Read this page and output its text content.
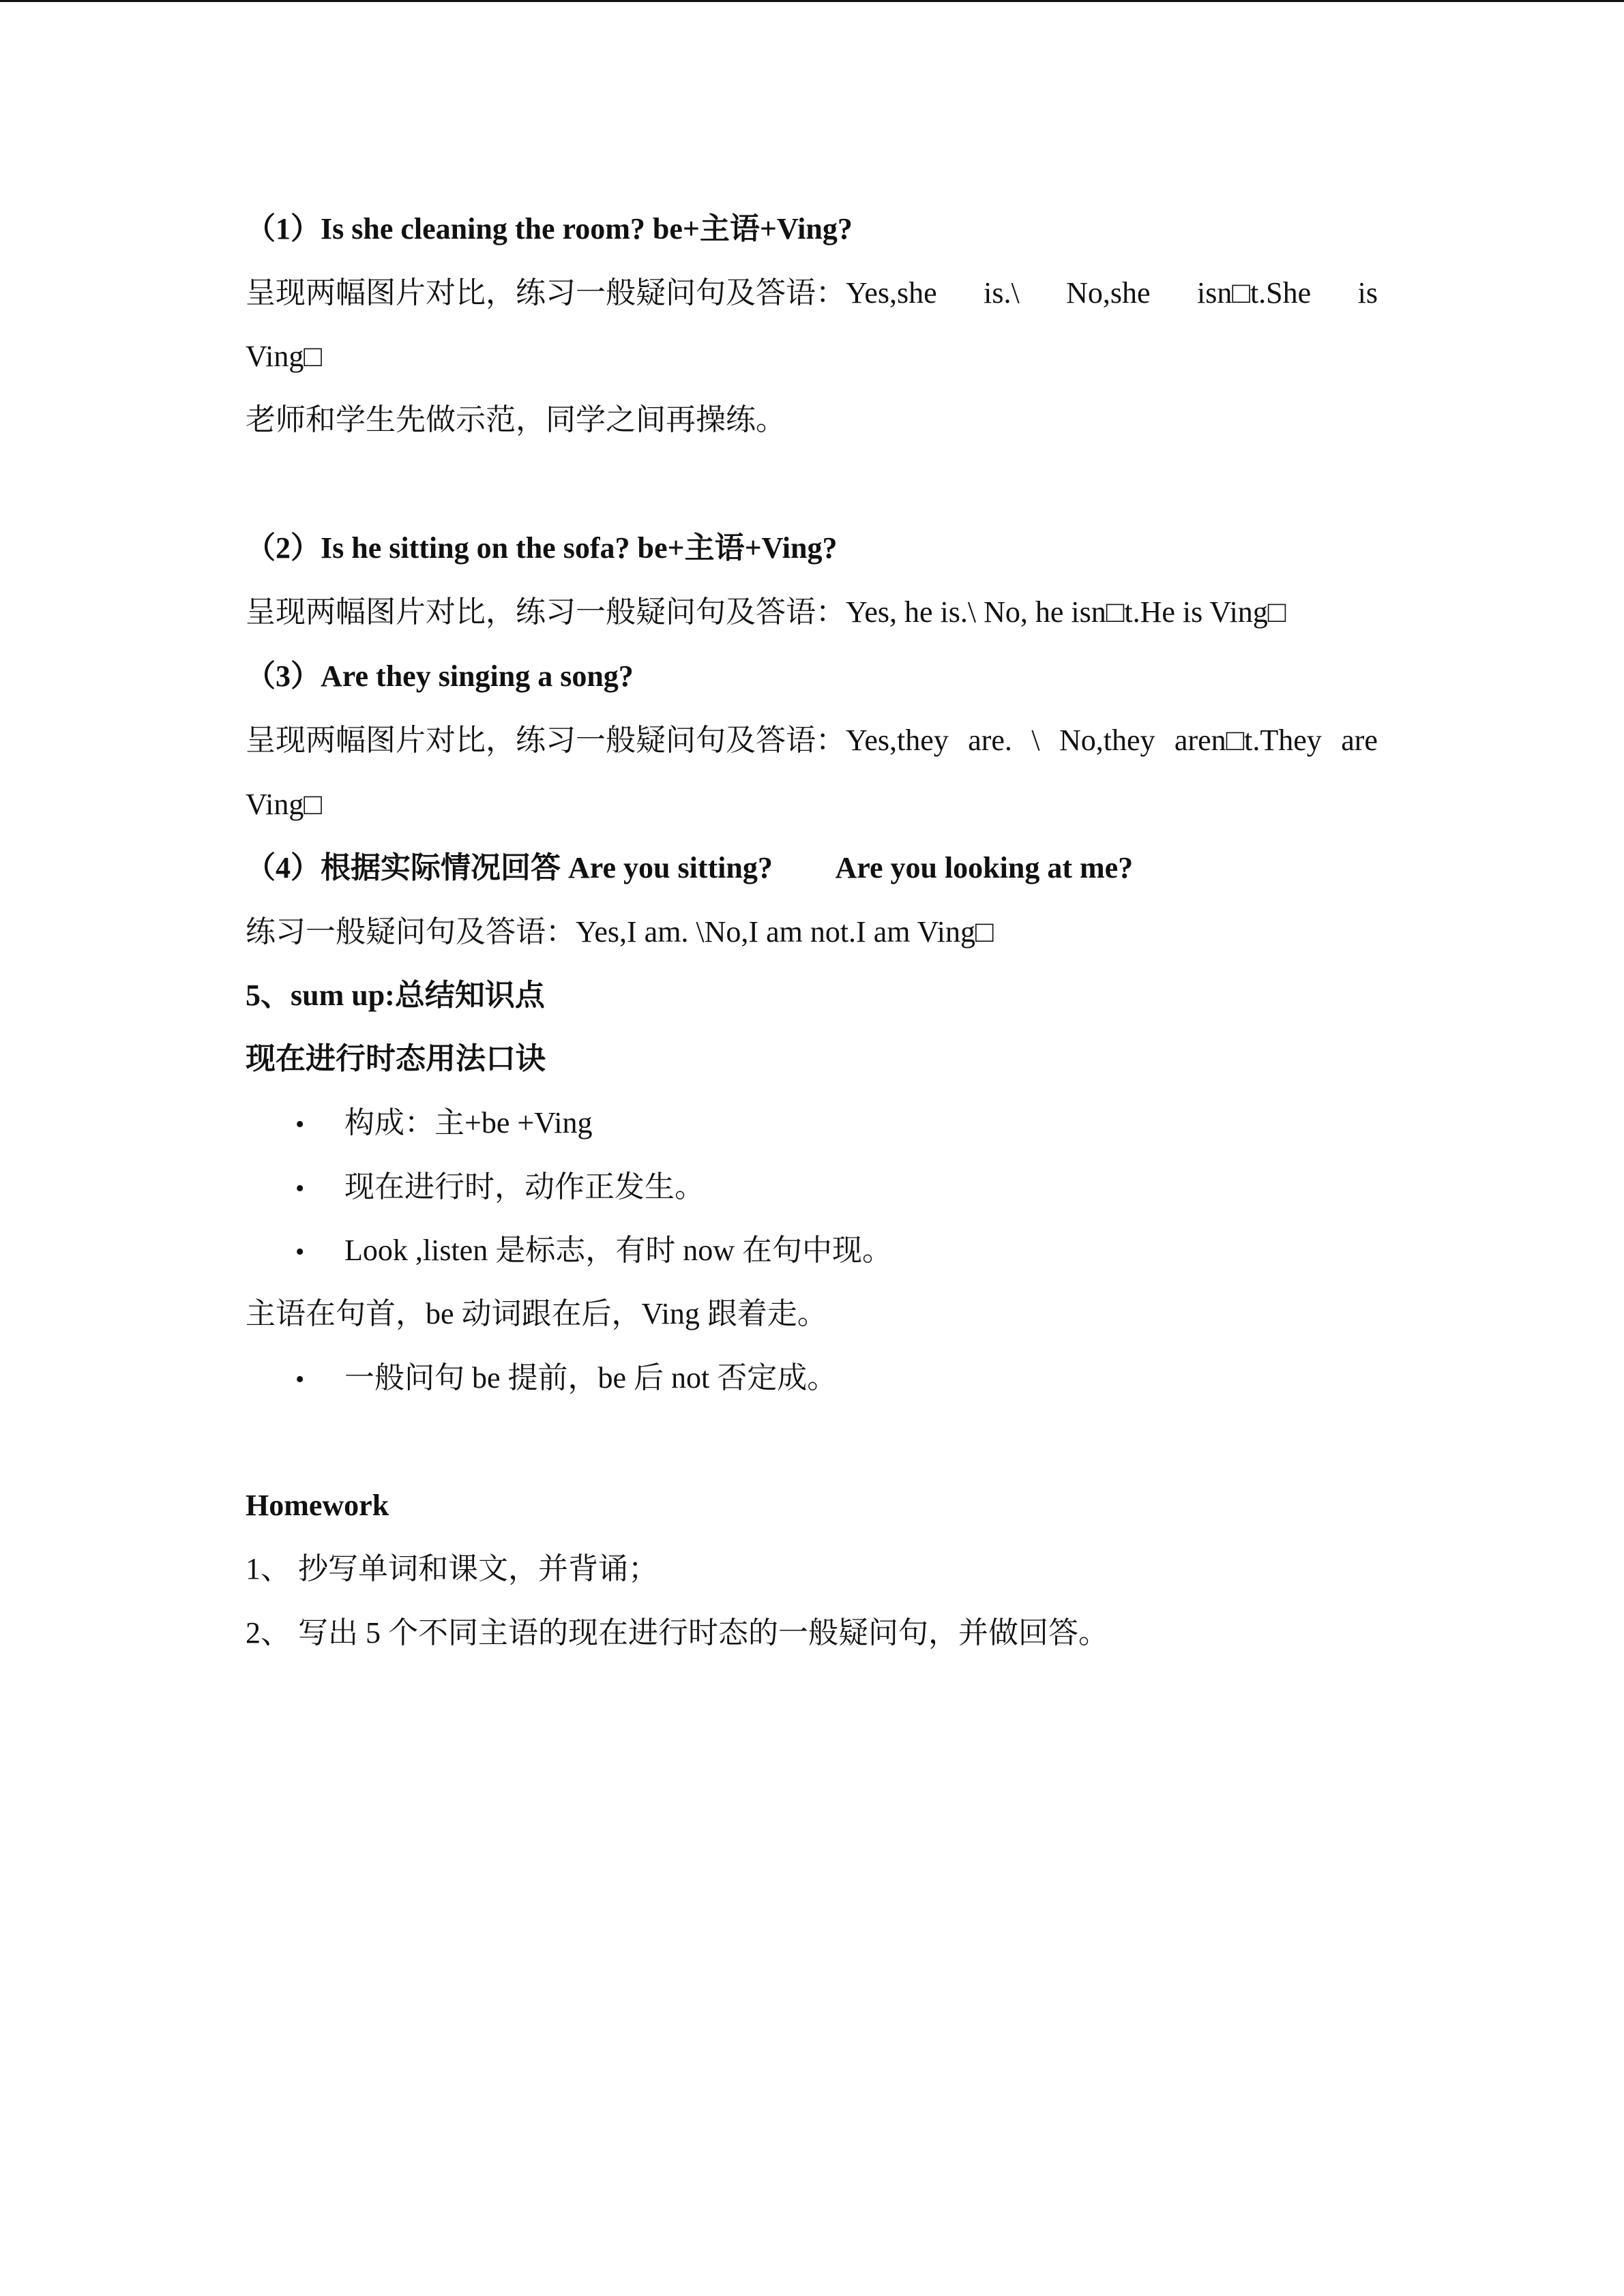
（1）Is she cleaning the room? be+主语+Ving?
呈现两幅图片对比，练习一般疑问句及答语：Yes,she is.\ No,she isn□t.She is
Ving□
老师和学生先做示范，同学之间再操练。
（2）Is he sitting on the sofa? be+主语+Ving?
呈现两幅图片对比，练习一般疑问句及答语：Yes, he is.\ No, he isn□t.He is Ving□
（3）Are they singing a song?
呈现两幅图片对比，练习一般疑问句及答语：Yes,they are. \ No,they aren□t.They are
Ving□
（4）根据实际情况回答 Are you sitting? Are you looking at me?
练习一般疑问句及答语：Yes,I am. \No,I am not.I am Ving□
5、sum up:总结知识点
现在进行时态用法口诀
• 构成：主+be +Ving
• 现在进行时，动作正发生。
• Look ,listen 是标志，有时 now 在句中现。
主语在句首，be 动词跟在后，Ving 跟着走。
• 一般问句 be 提前，be 后 not 否定成。
Homework
1、 抄写单词和课文，并背诵；
2、 写出 5 个不同主语的现在进行时态的一般疑问句，并做回答。
